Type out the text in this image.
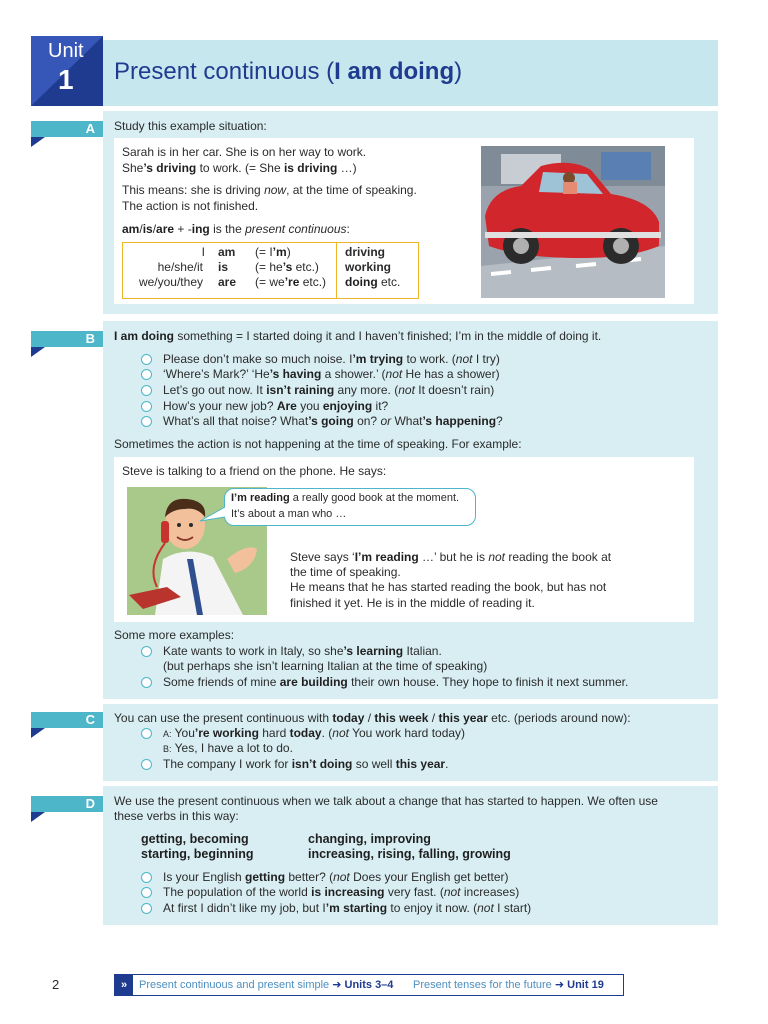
Unit
1 Present continuous (I am doing)
A Study this example situation:
Sarah is in her car. She is on her way to work.
She’s driving to work. (= She is driving …)
This means: she is driving now, at the time of speaking.
The action is not finished.
am/is/are + -ing is the present continuous:
I
he/she/it
we/you/they
am
is
are
(= I’m)
(= he’s etc.)
(= we’re etc.)
driving
working
doing etc.
B I am doing something = I started doing it and I haven’t finished; I’m in the middle of doing it.
Please don’t make so much noise. I’m trying to work. (not I try)
‘Where’s Mark?’ ‘He’s having a shower.’ (not He has a shower)
Let’s go out now. It isn’t raining any more. (not It doesn’t rain)
How’s your new job? Are you enjoying it?
What’s all that noise? What’s going on? or What’s happening?
Sometimes the action is not happening at the time of speaking. For example:
Steve is talking to a friend on the phone. He says:
I’m reading a really good book at the moment.
It’s about a man who …
Steve says ‘I’m reading …’ but he is not reading the book at
the time of speaking.
He means that he has started reading the book, but has not
finished it yet. He is in the middle of reading it.
Some more examples:
Kate wants to work in Italy, so she’s learning Italian.
(but perhaps she isn’t learning Italian at the time of speaking)
Some friends of mine are building their own house. They hope to finish it next summer.
C You can use the present continuous with today / this week / this year etc. (periods around now):
A: You’re working hard today. (not You work hard today)
B: Yes, I have a lot to do.
The company I work for isn’t doing so well this year.
D We use the present continuous when we talk about a change that has started to happen. We often use
these verbs in this way:
getting, becoming
starting, beginning
changing, improving
increasing, rising, falling, growing
Is your English getting better? (not Does your English get better)
The population of the world is increasing very fast. (not increases)
At first I didn’t like my job, but I’m starting to enjoy it now. (not I start)
2	»	Present continuous and present simple ➜ Units 3–4 Present tenses for the future ➜ Unit 19
